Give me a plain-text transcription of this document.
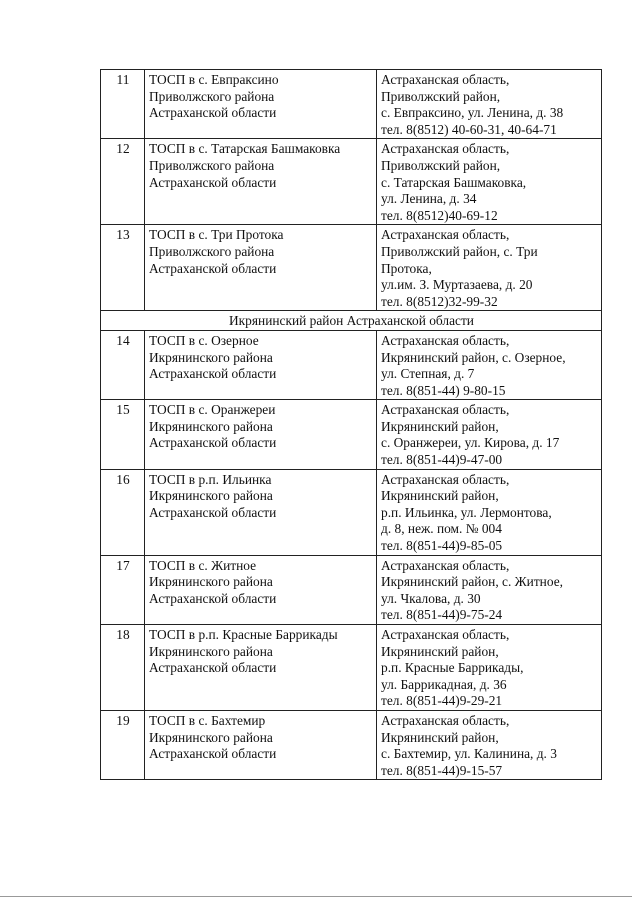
11	ТОСП в с. Евпраксино
Приволжского района
Астраханской области	Астраханская область,
Приволжский район,
с. Евпраксино, ул. Ленина, д. 38
тел. 8(8512) 40-60-31, 40-64-71

12	ТОСП в с. Татарская Башмаковка
Приволжского района
Астраханской области	Астраханская область,
Приволжский район,
с. Татарская Башмаковка,
ул. Ленина, д. 34
тел. 8(8512)40-69-12

13	ТОСП в с. Три Протока
Приволжского района
Астраханской области	Астраханская область,
Приволжский район, с. Три
Протока,
ул.им. З. Муртазаева, д. 20
тел. 8(8512)32-99-32

Икрянинский район Астраханской области		
14	ТОСП в с. Озерное
Икрянинского района
Астраханской области	Астраханская область,
Икрянинский район, с. Озерное,
ул. Степная, д. 7
тел. 8(851-44) 9-80-15

15	ТОСП в с. Оранжереи
Икрянинского района
Астраханской области	Астраханская область,
Икрянинский район,
с. Оранжереи, ул. Кирова, д. 17
тел. 8(851-44)9-47-00

16	ТОСП в р.п. Ильинка
Икрянинского района
Астраханской области	Астраханская область,
Икрянинский район,
р.п. Ильинка, ул. Лермонтова,
д. 8, неж. пом. № 004
тел. 8(851-44)9-85-05

17	ТОСП в с. Житное
Икрянинского района
Астраханской области	Астраханская область,
Икрянинский район, с. Житное,
ул. Чкалова, д. 30
тел. 8(851-44)9-75-24

18	ТОСП в р.п. Красные Баррикады
Икрянинского района
Астраханской области	Астраханская область,
Икрянинский район,
р.п. Красные Баррикады,
ул. Баррикадная, д. 36
тел. 8(851-44)9-29-21

19	ТОСП в с. Бахтемир
Икрянинского района
Астраханской области	Астраханская область,
Икрянинский район,
с. Бахтемир, ул. Калинина, д. 3
тел. 8(851-44)9-15-57
